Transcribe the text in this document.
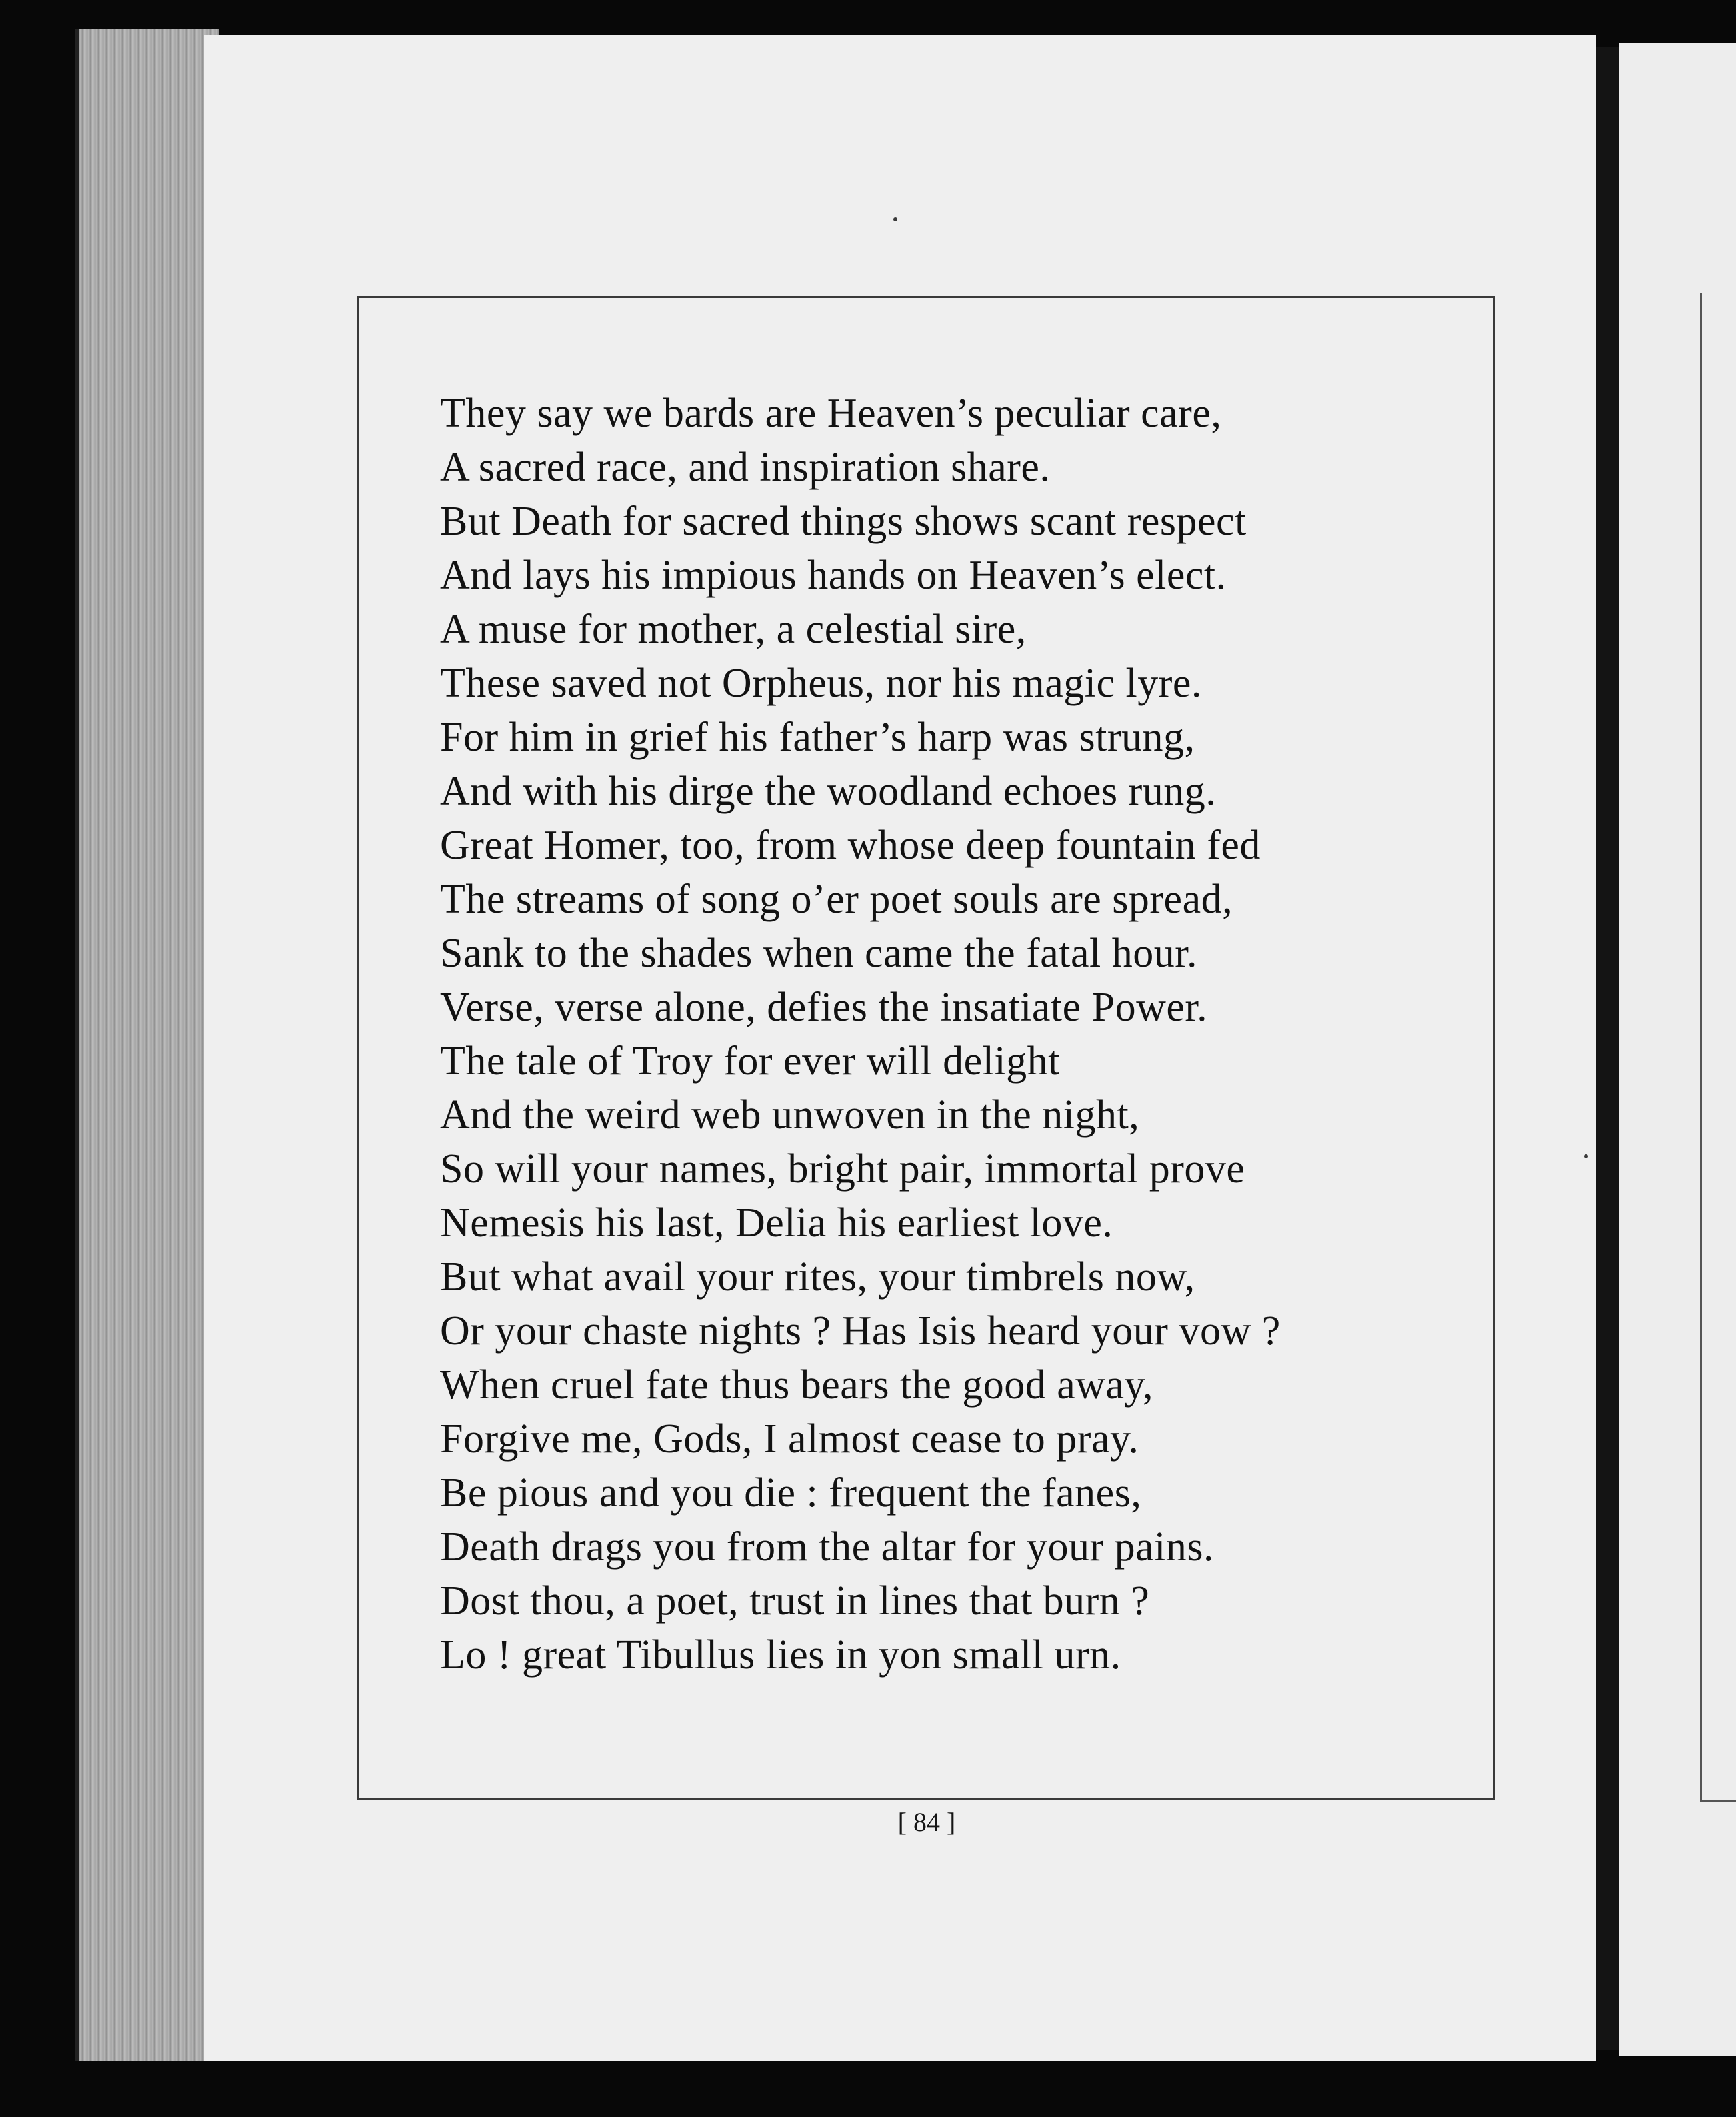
They say we bards are Heaven’s peculiar care,
A sacred race, and inspiration share.
But Death for sacred things shows scant respect
And lays his impious hands on Heaven’s elect.
A muse for mother, a celestial sire,
These saved not Orpheus, nor his magic lyre.
For him in grief his father’s harp was strung,
And with his dirge the woodland echoes rung.
Great Homer, too, from whose deep fountain fed
The streams of song o’er poet souls are spread,
Sank to the shades when came the fatal hour.
Verse, verse alone, defies the insatiate Power.
The tale of Troy for ever will delight
And the weird web unwoven in the night,
So will your names, bright pair, immortal prove
Nemesis his last, Delia his earliest love.
But what avail your rites, your timbrels now,
Or your chaste nights ? Has Isis heard your vow ?
When cruel fate thus bears the good away,
Forgive me, Gods, I almost cease to pray.
Be pious and you die : frequent the fanes,
Death drags you from the altar for your pains.
Dost thou, a poet, trust in lines that burn ?
Lo ! great Tibullus lies in yon small urn.
[ 84 ]
